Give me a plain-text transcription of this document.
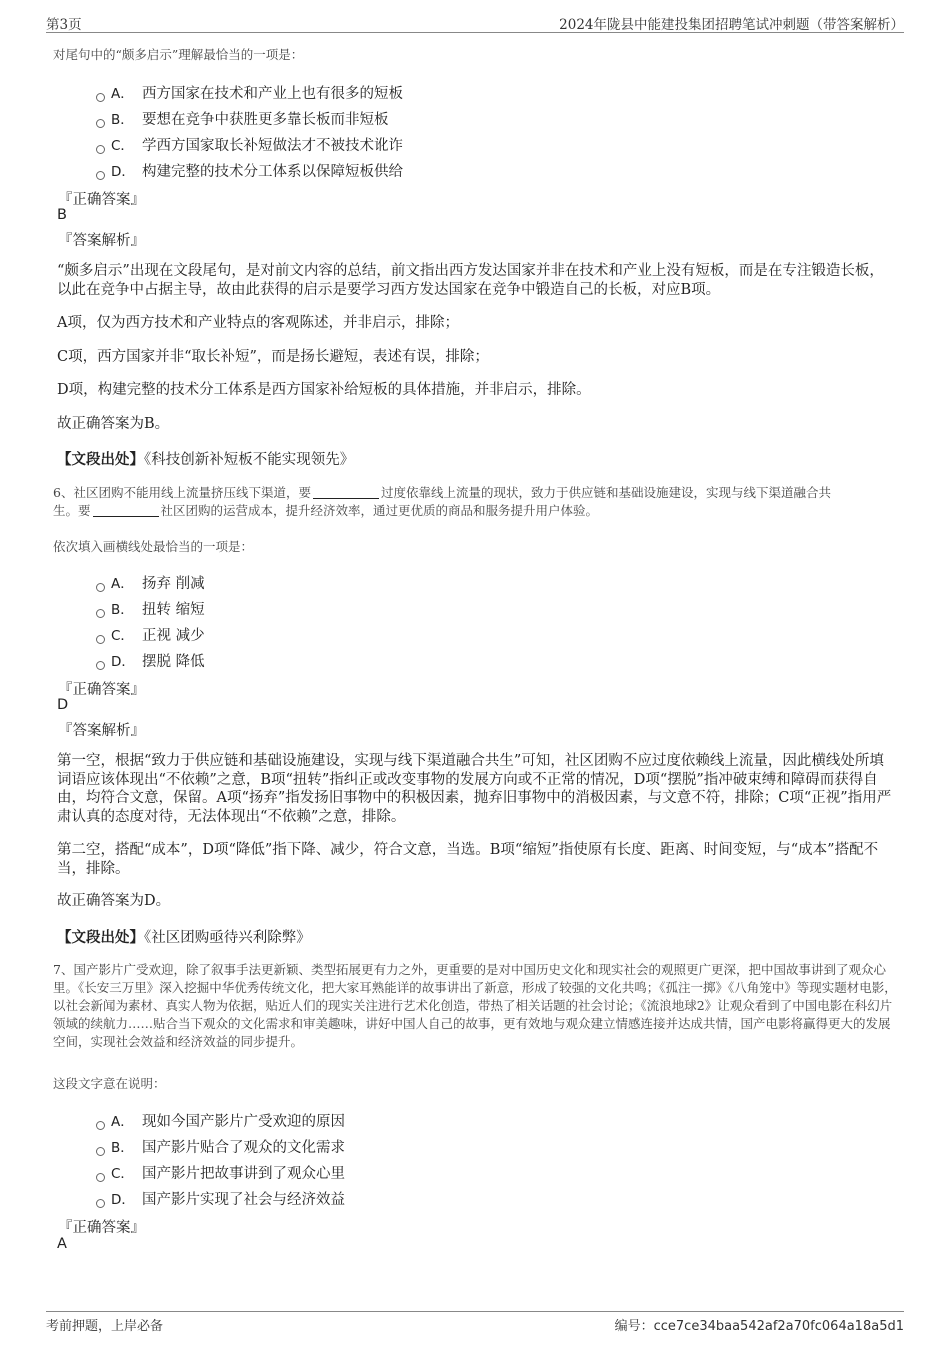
第3页	2024年陇县中能建投集团招聘笔试冲刺题（带答案解析）
对尾句中的“颇多启示”理解最恰当的一项是：
A． 西方国家在技术和产业上也有很多的短板
B． 要想在竞争中获胜更多靠长板而非短板
C． 学西方国家取长补短做法才不被技术讹诈
D． 构建完整的技术分工体系以保障短板供给
『正确答案』
B
『答案解析』
“颇多启示”出现在文段尾句，是对前文内容的总结，前文指出西方发达国家并非在技术和产业上没有短板，而是在专注锻造长板，以此在竞争中占据主导，故由此获得的启示是要学习西方发达国家在竞争中锻造自己的长板，对应B项。
A项，仅为西方技术和产业特点的客观陈述，并非启示，排除；
C项，西方国家并非“取长补短”，而是扬长避短，表述有误，排除；
D项，构建完整的技术分工体系是西方国家补给短板的具体措施，并非启示，排除。
故正确答案为B。
【文段出处】《科技创新补短板不能实现领先》
6、社区团购不能用线上流量挤压线下渠道，要	过度依靠线上流量的现状，致力于供应链和基础设施建设，实现与线下渠道融合共
生。要	社区团购的运营成本，提升经济效率，通过更优质的商品和服务提升用户体验。
依次填入画横线处最恰当的一项是：
A． 扬弃 削减
B． 扭转 缩短
C． 正视 减少
D． 摆脱 降低
『正确答案』
D
『答案解析』
第一空，根据“致力于供应链和基础设施建设，实现与线下渠道融合共生”可知，社区团购不应过度依赖线上流量，因此横线处所填词语应该体现出“不依赖”之意，B项“扭转”指纠正或改变事物的发展方向或不正常的情况，D项“摆脱”指冲破束缚和障碍而获得自由，均符合文意，保留。A项“扬弃”指发扬旧事物中的积极因素，抛弃旧事物中的消极因素，与文意不符，排除；C项“正视”指用严肃认真的态度对待，无法体现出“不依赖”之意，排除。
第二空，搭配“成本”，D项“降低”指下降、减少，符合文意，当选。B项“缩短”指使原有长度、距离、时间变短，与“成本”搭配不当，排除。
故正确答案为D。
【文段出处】《社区团购亟待兴利除弊》
7、国产影片广受欢迎，除了叙事手法更新颖、类型拓展更有力之外，更重要的是对中国历史文化和现实社会的观照更广更深，把中国故事讲到了观众心里。《长安三万里》深入挖掘中华优秀传统文化，把大家耳熟能详的故事讲出了新意，形成了较强的文化共鸣；《孤注一掷》《八角笼中》等现实题材电影，以社会新闻为素材、真实人物为依据，贴近人们的现实关注进行艺术化创造，带热了相关话题的社会讨论；《流浪地球2》让观众看到了中国电影在科幻片领域的续航力……贴合当下观众的文化需求和审美趣味，讲好中国人自己的故事，更有效地与观众建立情感连接并达成共情，国产电影将赢得更大的发展空间，实现社会效益和经济效益的同步提升。
这段文字意在说明：
A． 现如今国产影片广受欢迎的原因
B． 国产影片贴合了观众的文化需求
C． 国产影片把故事讲到了观众心里
D． 国产影片实现了社会与经济效益
『正确答案』
A
考前押题，上岸必备	编号：cce7ce34baa542af2a70fc064a18a5d1
